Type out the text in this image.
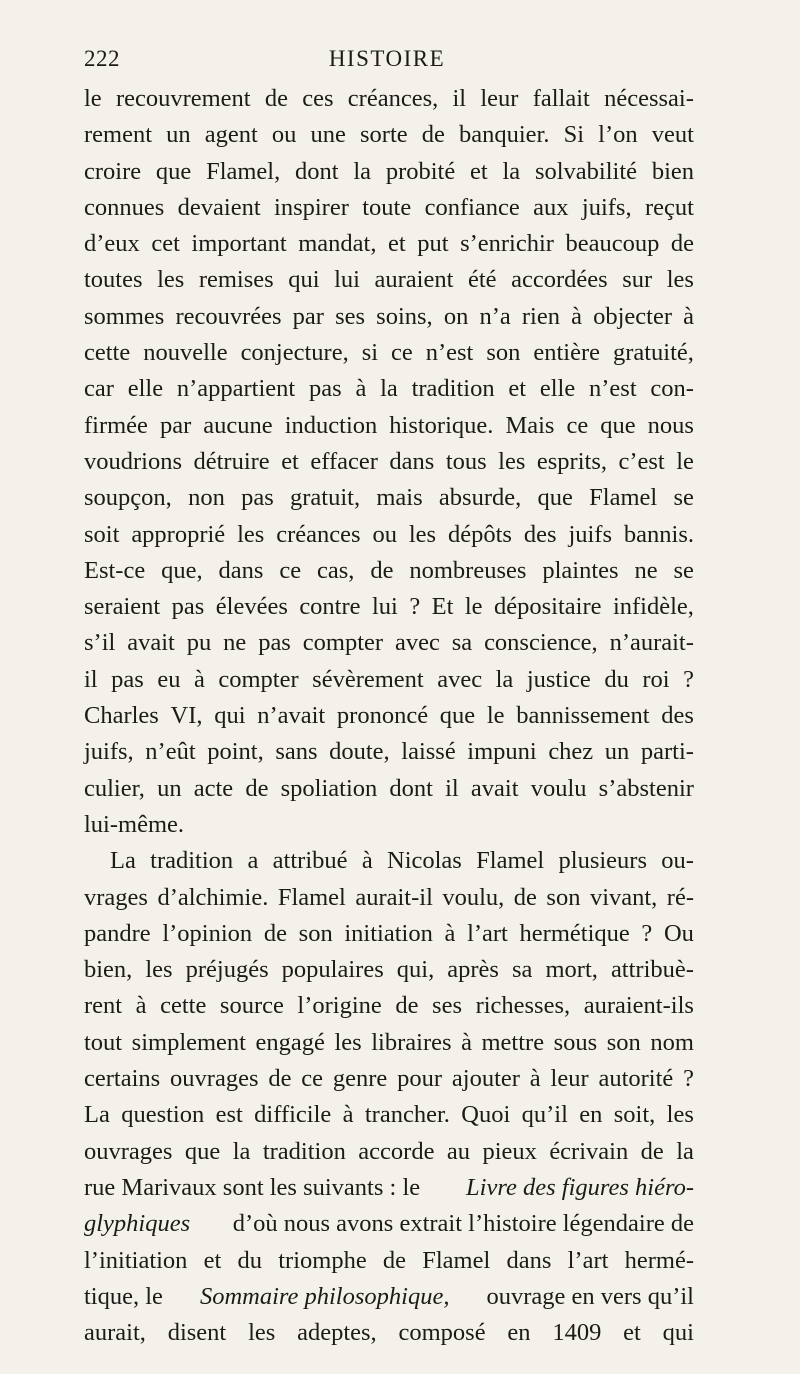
222	HISTOIRE
le recouvrement de ces créances, il leur fallait nécessai-
rement un agent ou une sorte de banquier. Si l’on veut
croire que Flamel, dont la probité et la solvabilité bien
connues devaient inspirer toute confiance aux juifs, reçut
d’eux cet important mandat, et put s’enrichir beaucoup de
toutes les remises qui lui auraient été accordées sur les
sommes recouvrées par ses soins, on n’a rien à objecter à
cette nouvelle conjecture, si ce n’est son entière gratuité,
car elle n’appartient pas à la tradition et elle n’est con-
firmée par aucune induction historique. Mais ce que nous
voudrions détruire et effacer dans tous les esprits, c’est le
soupçon, non pas gratuit, mais absurde, que Flamel se
soit approprié les créances ou les dépôts des juifs bannis.
Est-ce que, dans ce cas, de nombreuses plaintes ne se
seraient pas élevées contre lui ? Et le dépositaire infidèle,
s’il avait pu ne pas compter avec sa conscience, n’aurait-
il pas eu à compter sévèrement avec la justice du roi ?
Charles VI, qui n’avait prononcé que le bannissement des
juifs, n’eût point, sans doute, laissé impuni chez un parti-
culier, un acte de spoliation dont il avait voulu s’abstenir
lui-même.
La tradition a attribué à Nicolas Flamel plusieurs ou-
vrages d’alchimie. Flamel aurait-il voulu, de son vivant, ré-
pandre l’opinion de son initiation à l’art hermétique ? Ou
bien, les préjugés populaires qui, après sa mort, attribuè-
rent à cette source l’origine de ses richesses, auraient-ils
tout simplement engagé les libraires à mettre sous son nom
certains ouvrages de ce genre pour ajouter à leur autorité ?
La question est difficile à trancher. Quoi qu’il en soit, les
ouvrages que la tradition accorde au pieux écrivain de la
rue Marivaux sont les suivants : le Livre des figures hiéro-
glyphiques d’où nous avons extrait l’histoire légendaire de
l’initiation et du triomphe de Flamel dans l’art hermé-
tique, le Sommaire philosophique, ouvrage en vers qu’il
aurait, disent les adeptes, composé en 1409 et qui
